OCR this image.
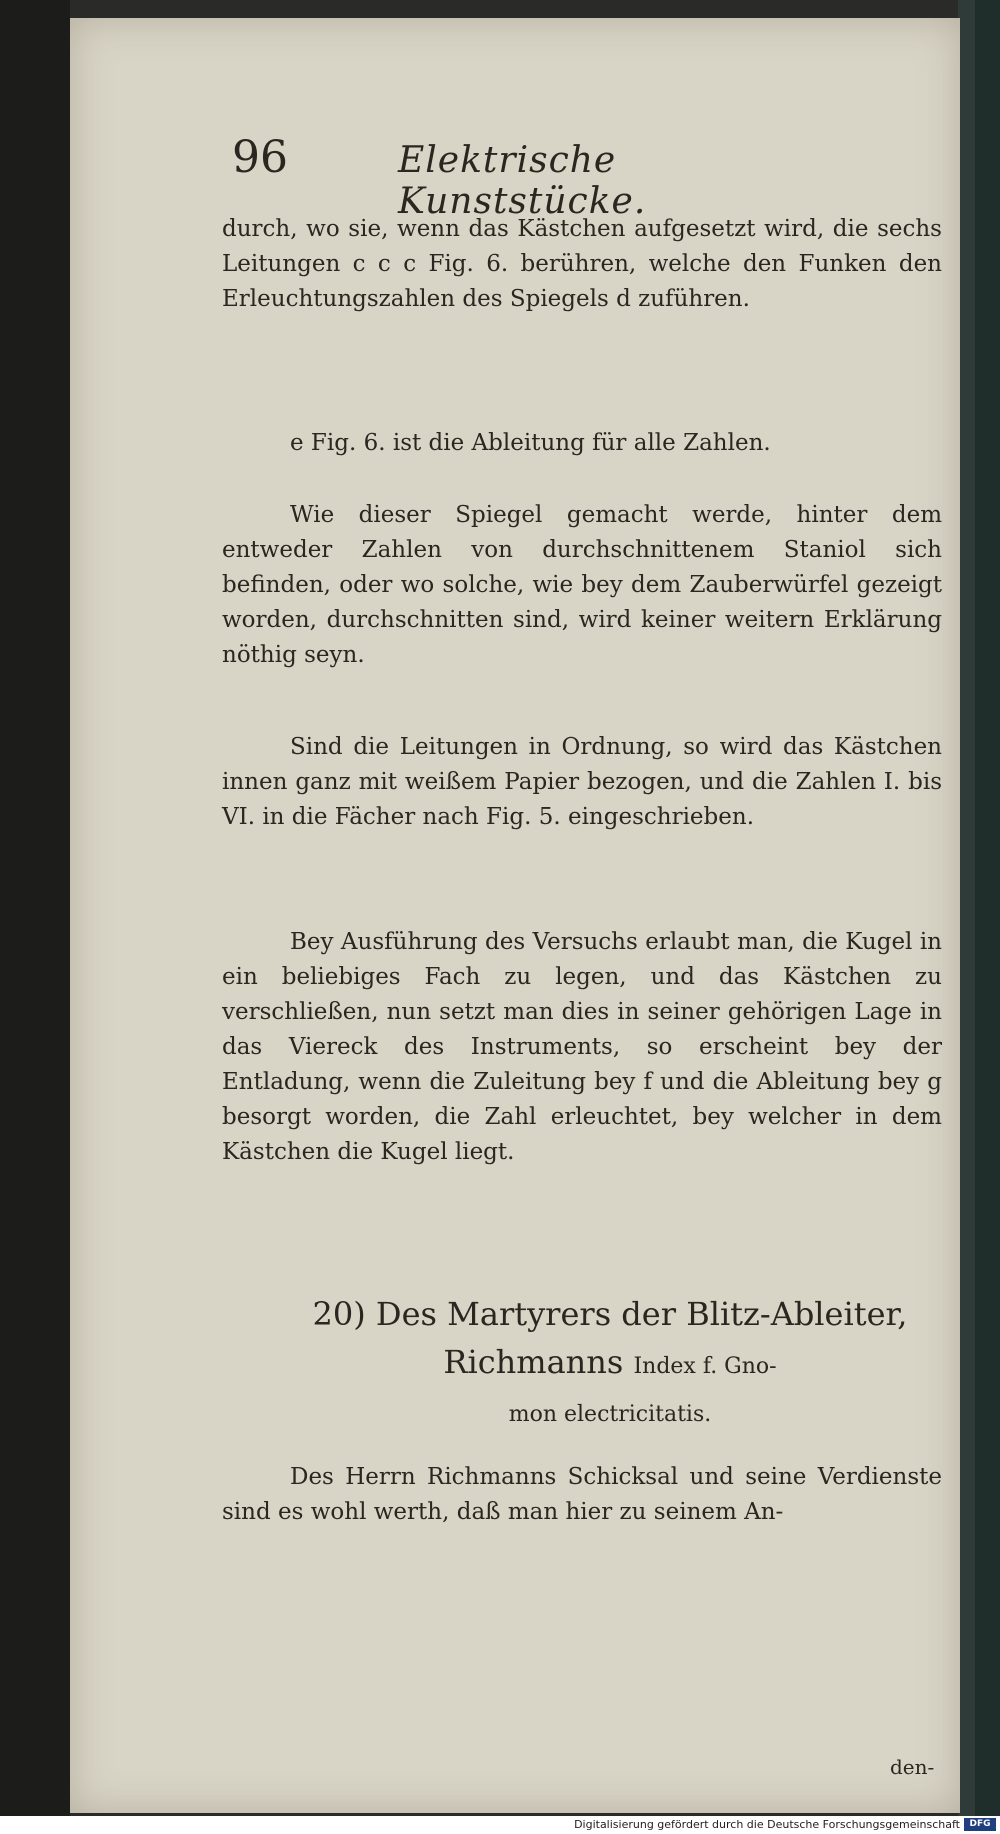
96	Elektrische Kunststücke.

durch, wo sie, wenn das Kästchen aufgesetzt wird, die sechs Leitungen c c c Fig. 6. berühren, welche den Funken den Erleuchtungszahlen des Spiegels d zuführen.

e Fig. 6. ist die Ableitung für alle Zahlen.

Wie dieser Spiegel gemacht werde, hinter dem entweder Zahlen von durchschnittenem Staniol sich befinden, oder wo solche, wie bey dem Zauberwürfel gezeigt worden, durchschnitten sind, wird keiner weitern Erklärung nöthig seyn.

Sind die Leitungen in Ordnung, so wird das Kästchen innen ganz mit weißem Papier bezogen, und die Zahlen I. bis VI. in die Fächer nach Fig. 5. eingeschrieben.

Bey Ausführung des Versuchs erlaubt man, die Kugel in ein beliebiges Fach zu legen, und das Kästchen zu verschließen, nun setzt man dies in seiner gehörigen Lage in das Viereck des Instruments, so erscheint bey der Entladung, wenn die Zuleitung bey f und die Ableitung bey g besorgt worden, die Zahl erleuchtet, bey welcher in dem Kästchen die Kugel liegt.

20) Des Martyrers der Blitz-Ableiter,
Richmanns Index f. Gno-
mon electricitatis.

Des Herrn Richmanns Schicksal und seine Verdienste sind es wohl werth, daß man hier zu seinem An-

den-
Digitalisierung gefördert durch die Deutsche Forschungsgemeinschaft	DFG
